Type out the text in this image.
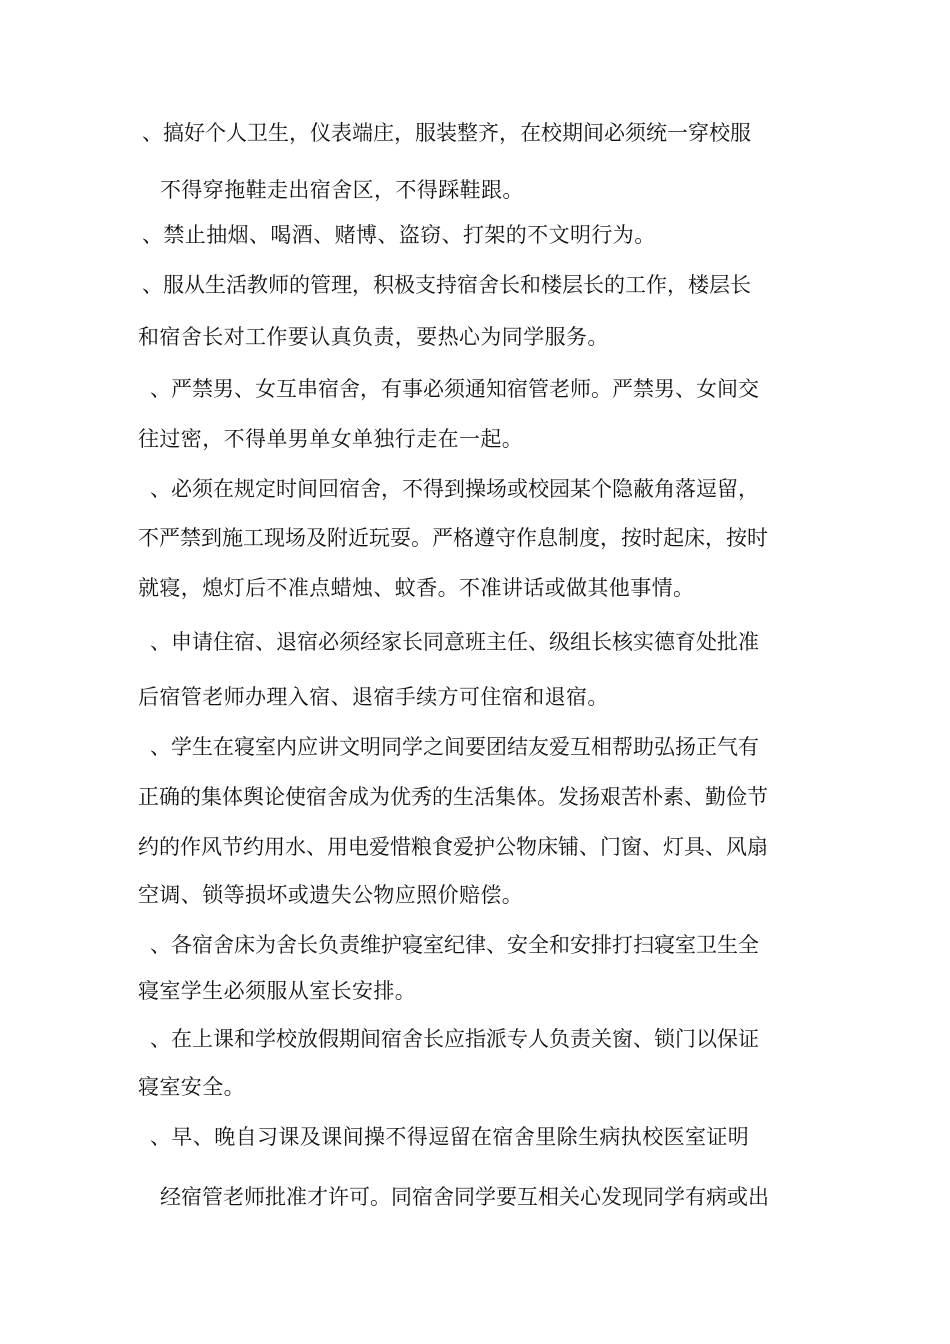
、搞好个人卫生，仪表端庄，服装整齐，在校期间必须统一穿校服
不得穿拖鞋走出宿舍区，不得踩鞋跟。
、禁止抽烟、喝酒、赌博、盗窃、打架的不文明行为。
、服从生活教师的管理，积极支持宿舍长和楼层长的工作，楼层长
和宿舍长对工作要认真负责，要热心为同学服务。
、严禁男、女互串宿舍，有事必须通知宿管老师。严禁男、女间交
往过密，不得单男单女单独行走在一起。
、必须在规定时间回宿舍，不得到操场或校园某个隐蔽角落逗留，
不严禁到施工现场及附近玩耍。严格遵守作息制度，按时起床，按时
就寝，熄灯后不准点蜡烛、蚊香。不准讲话或做其他事情。
、申请住宿、退宿必须经家长同意班主任、级组长核实德育处批准
后宿管老师办理入宿、退宿手续方可住宿和退宿。
、学生在寝室内应讲文明同学之间要团结友爱互相帮助弘扬正气有
正确的集体舆论使宿舍成为优秀的生活集体。发扬艰苦朴素、勤俭节
约的作风节约用水、用电爱惜粮食爱护公物床铺、门窗、灯具、风扇
空调、锁等损坏或遗失公物应照价赔偿。
、各宿舍床为舍长负责维护寝室纪律、安全和安排打扫寝室卫生全
寝室学生必须服从室长安排。
、在上课和学校放假期间宿舍长应指派专人负责关窗、锁门以保证
寝室安全。
、早、晚自习课及课间操不得逗留在宿舍里除生病执校医室证明
经宿管老师批准才许可。同宿舍同学要互相关心发现同学有病或出
